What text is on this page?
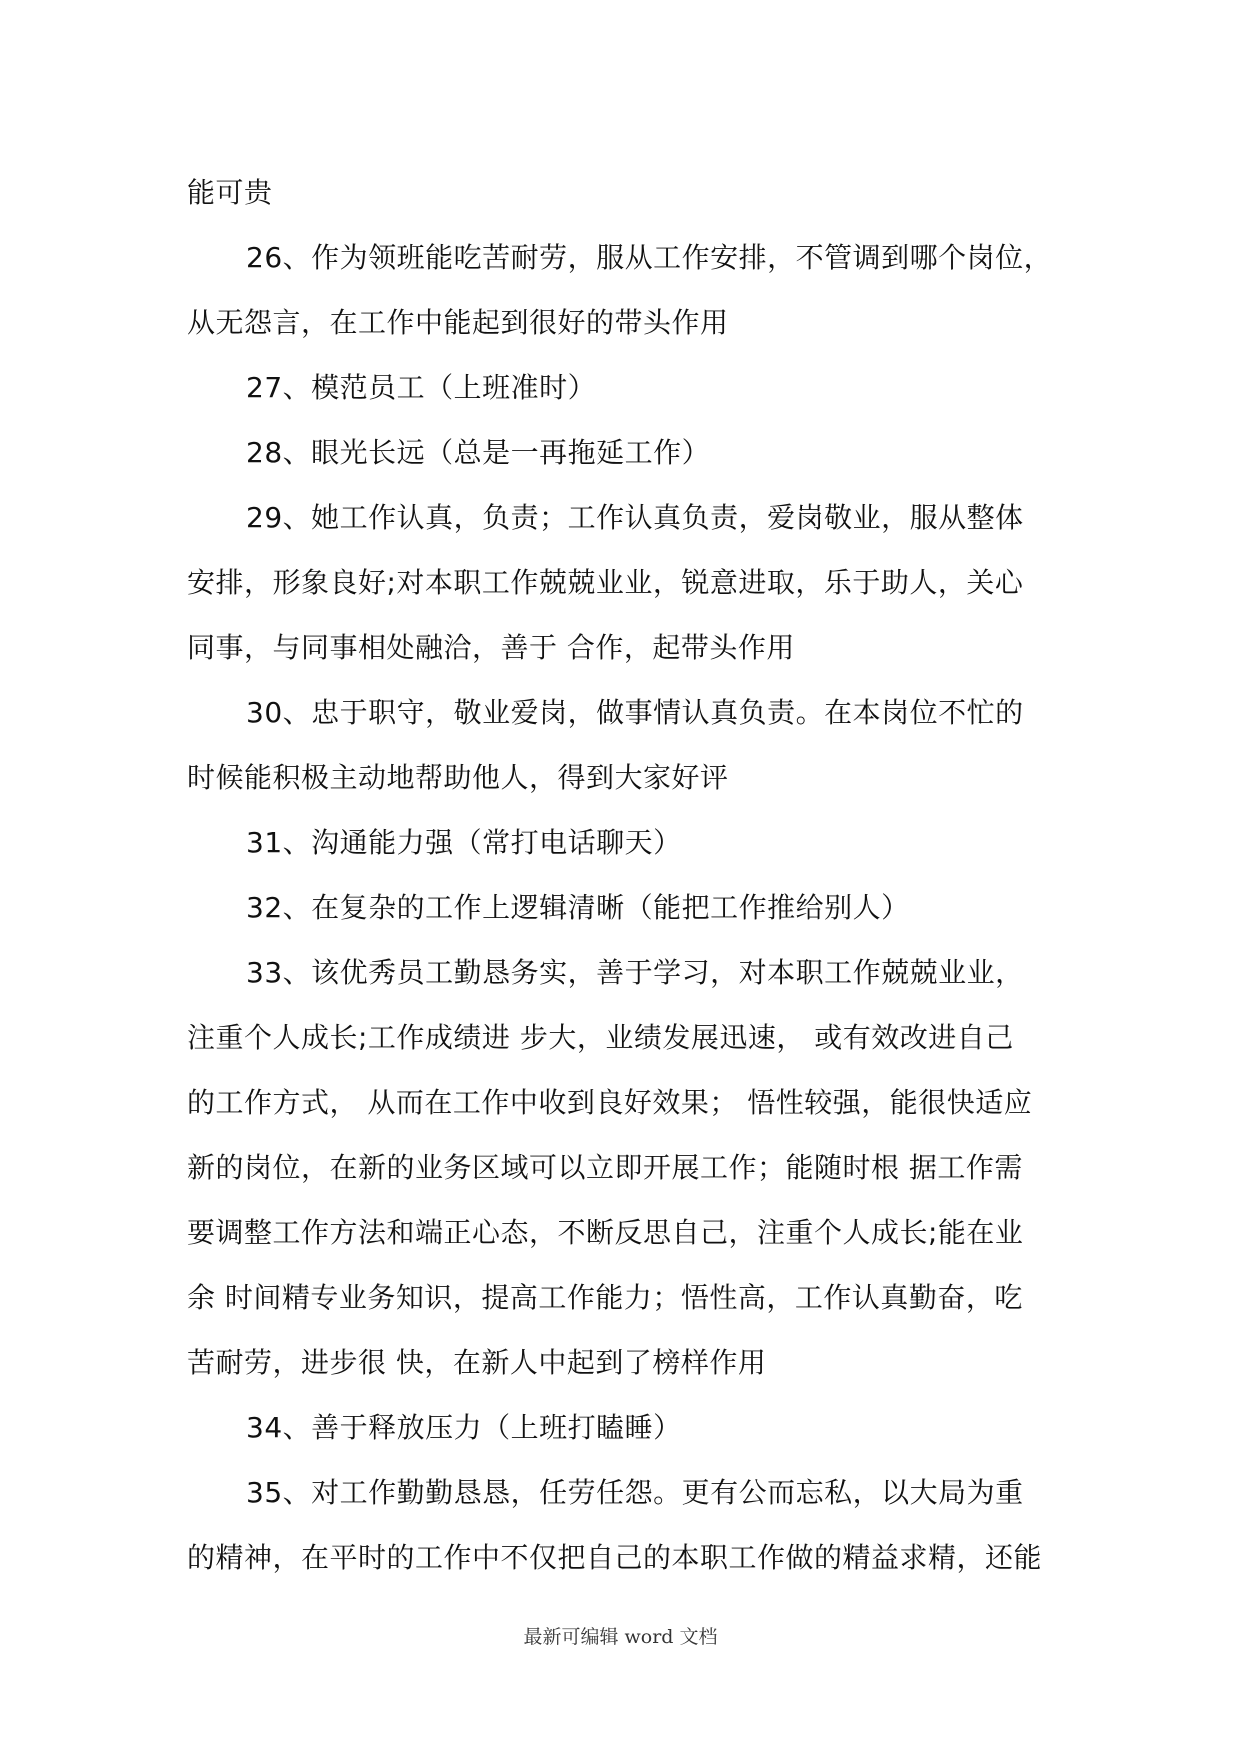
能可贵
26、作为领班能吃苦耐劳，服从工作安排，不管调到哪个岗位，
从无怨言，在工作中能起到很好的带头作用
27、模范员工（上班准时）
28、眼光长远（总是一再拖延工作）
29、她工作认真，负责；工作认真负责，爱岗敬业，服从整体
安排，形象良好;对本职工作兢兢业业，锐意进取，乐于助人，关心
同事，与同事相处融洽，善于 合作，起带头作用
30、忠于职守，敬业爱岗，做事情认真负责。在本岗位不忙的
时候能积极主动地帮助他人，得到大家好评
31、沟通能力强（常打电话聊天）
32、在复杂的工作上逻辑清晰（能把工作推给别人）
33、该优秀员工勤恳务实，善于学习，对本职工作兢兢业业，
注重个人成长;工作成绩进 步大，业绩发展迅速， 或有效改进自己
的工作方式， 从而在工作中收到良好效果； 悟性较强，能很快适应
新的岗位，在新的业务区域可以立即开展工作；能随时根 据工作需
要调整工作方法和端正心态，不断反思自己，注重个人成长;能在业
余 时间精专业务知识，提高工作能力；悟性高，工作认真勤奋，吃
苦耐劳，进步很 快，在新人中起到了榜样作用
34、善于释放压力（上班打瞌睡）
35、对工作勤勤恳恳，任劳任怨。更有公而忘私，以大局为重
的精神，在平时的工作中不仅把自己的本职工作做的精益求精，还能
最新可编辑 word 文档
